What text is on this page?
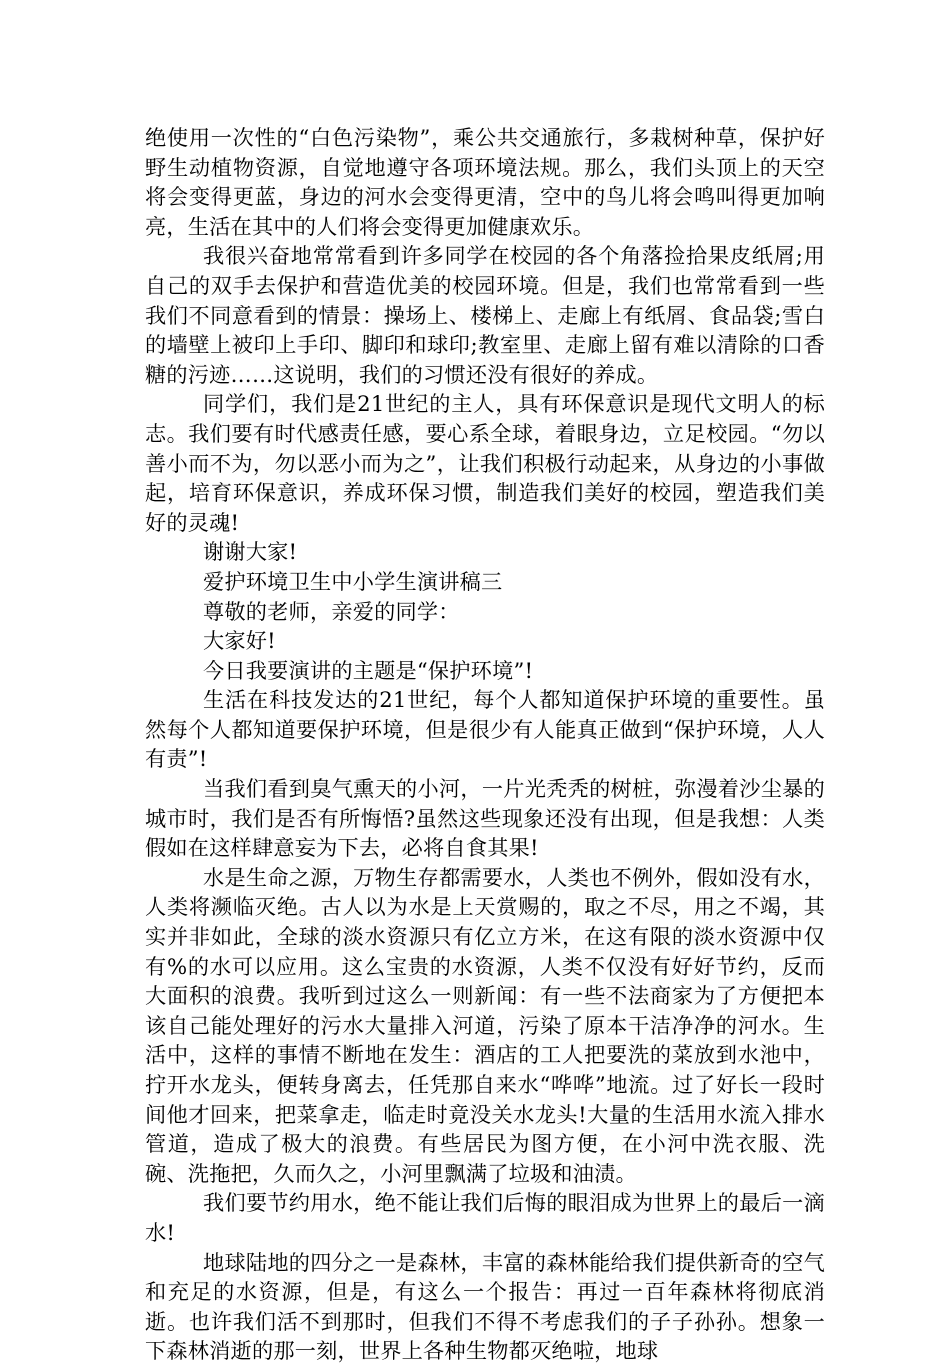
绝使用一次性的“白色污染物”，乘公共交通旅行，多栽树种草，保护好野生动植物资源，自觉地遵守各项环境法规。那么，我们头顶上的天空将会变得更蓝，身边的河水会变得更清，空中的鸟儿将会鸣叫得更加响亮，生活在其中的人们将会变得更加健康欢乐。

我很兴奋地常常看到许多同学在校园的各个角落捡拾果皮纸屑;用自己的双手去保护和营造优美的校园环境。但是，我们也常常看到一些我们不同意看到的情景：操场上、楼梯上、走廊上有纸屑、食品袋;雪白的墙壁上被印上手印、脚印和球印;教室里、走廊上留有难以清除的口香糖的污迹……这说明，我们的习惯还没有很好的养成。

同学们，我们是21世纪的主人，具有环保意识是现代文明人的标志。我们要有时代感责任感，要心系全球，着眼身边，立足校园。“勿以善小而不为，勿以恶小而为之”，让我们积极行动起来，从身边的小事做起，培育环保意识，养成环保习惯，制造我们美好的校园，塑造我们美好的灵魂!

谢谢大家!

爱护环境卫生中小学生演讲稿三

尊敬的老师，亲爱的同学：

大家好!

今日我要演讲的主题是“保护环境”!

生活在科技发达的21世纪，每个人都知道保护环境的重要性。虽然每个人都知道要保护环境，但是很少有人能真正做到“保护环境，人人有责”!

当我们看到臭气熏天的小河，一片光秃秃的树桩，弥漫着沙尘暴的城市时，我们是否有所悔悟?虽然这些现象还没有出现，但是我想：人类假如在这样肆意妄为下去，必将自食其果!

水是生命之源，万物生存都需要水，人类也不例外，假如没有水，人类将濒临灭绝。古人以为水是上天赏赐的，取之不尽，用之不竭，其实并非如此，全球的淡水资源只有亿立方米，在这有限的淡水资源中仅有%的水可以应用。这么宝贵的水资源，人类不仅没有好好节约，反而大面积的浪费。我听到过这么一则新闻：有一些不法商家为了方便把本该自己能处理好的污水大量排入河道，污染了原本干洁净净的河水。生活中，这样的事情不断地在发生：酒店的工人把要洗的菜放到水池中，拧开水龙头，便转身离去，任凭那自来水“哗哗”地流。过了好长一段时间他才回来，把菜拿走，临走时竟没关水龙头!大量的生活用水流入排水管道，造成了极大的浪费。有些居民为图方便，在小河中洗衣服、洗碗、洗拖把，久而久之，小河里飘满了垃圾和油渍。

我们要节约用水，绝不能让我们后悔的眼泪成为世界上的最后一滴水!

地球陆地的四分之一是森林，丰富的森林能给我们提供新奇的空气和充足的水资源，但是，有这么一个报告：再过一百年森林将彻底消逝。也许我们活不到那时，但我们不得不考虑我们的子子孙孙。想象一下森林消逝的那一刻，世界上各种生物都灭绝啦，地球
